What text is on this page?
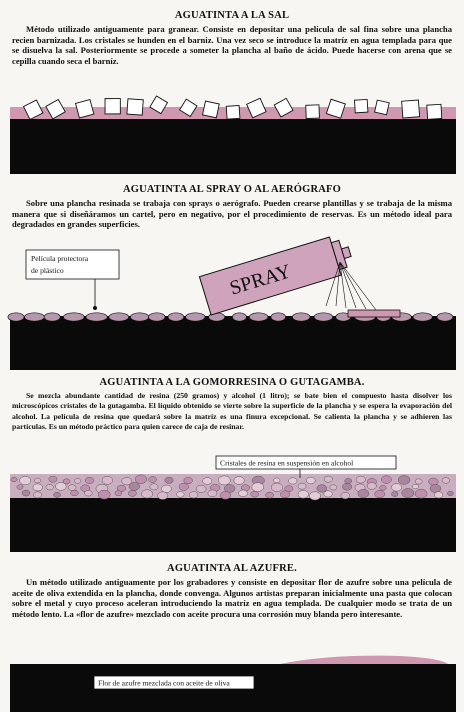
AGUATINTA A LA SAL
Método utilizado antiguamente para granear. Consiste en depositar una película de sal fina sobre una plancha recien barnizada. Los cristales se hunden en el barniz. Una vez seco se introduce la matríz en agua templada para que se disuelva la sal. Posteriormente se procede a someter la plancha al baño de ácido. Puede hacerse con arena que se cepilla cuando seca el barníz.
AGUATINTA AL SPRAY O AL AERÓGRAFO
Sobre una plancha resinada se trabaja con sprays o aerógrafo. Pueden crearse plantillas y se trabaja de la misma manera que si diseñáramos un cartel, pero en negativo, por el procedimiento de reservas. Es un método ideal para degradados en grandes superficies.
Película protectora
de plástico	SPRAY
AGUATINTA A LA GOMORRESINA O GUTAGAMBA.
Se mezcla abundante cantidad de resina (250 gramos) y alcohol (1 litro); se bate bien el compuesto hasta disolver los microscópicos cristales de la gutagamba. El líquido obtenido se vierte sobre la superficie de la plancha y se espera la evaporación del alcohol. La película de resina que quedará sobre la matríz es una finura excepcional. Se calienta la plancha y se adhieren las partículas. Es un método práctico para quien carece de caja de resinar.
Cristales de resina en suspensión en alcohol
AGUATINTA AL AZUFRE.
Un método utilizado antiguamente por los grabadores y consiste en depositar flor de azufre sobre una película de aceite de oliva extendida en la plancha, donde convenga. Algunos artistas preparan inicialmente una pasta que colocan sobre el metal y cuyo proceso aceleran introduciendo la matríz en agua templada. De cualquier modo se trata de un método lento. La «flor de azufre» mezclado con aceite procura una corrosión muy blanda pero interesante.
Flor de azufre mezclada con aceite de oliva
